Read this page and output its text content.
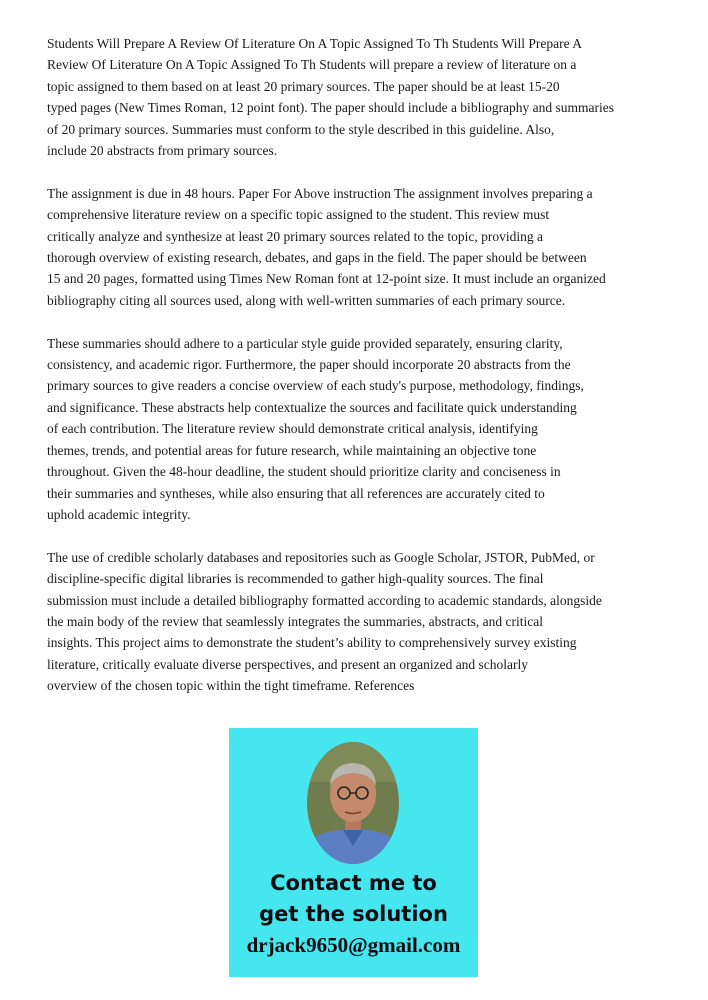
Students Will Prepare A Review Of Literature On A Topic Assigned To Th Students Will Prepare A
Review Of Literature On A Topic Assigned To Th Students will prepare a review of literature on a
topic assigned to them based on at least 20 primary sources. The paper should be at least 15-20
typed pages (New Times Roman, 12 point font). The paper should include a bibliography and summaries
of 20 primary sources. Summaries must conform to the style described in this guideline. Also,
include 20 abstracts from primary sources.

The assignment is due in 48 hours. Paper For Above instruction The assignment involves preparing a
comprehensive literature review on a specific topic assigned to the student. This review must
critically analyze and synthesize at least 20 primary sources related to the topic, providing a
thorough overview of existing research, debates, and gaps in the field. The paper should be between
15 and 20 pages, formatted using Times New Roman font at 12-point size. It must include an organized
bibliography citing all sources used, along with well-written summaries of each primary source.

These summaries should adhere to a particular style guide provided separately, ensuring clarity,
consistency, and academic rigor. Furthermore, the paper should incorporate 20 abstracts from the
primary sources to give readers a concise overview of each study's purpose, methodology, findings,
and significance. These abstracts help contextualize the sources and facilitate quick understanding
of each contribution. The literature review should demonstrate critical analysis, identifying
themes, trends, and potential areas for future research, while maintaining an objective tone
throughout. Given the 48-hour deadline, the student should prioritize clarity and conciseness in
their summaries and syntheses, while also ensuring that all references are accurately cited to
uphold academic integrity.

The use of credible scholarly databases and repositories such as Google Scholar, JSTOR, PubMed, or
discipline-specific digital libraries is recommended to gather high-quality sources. The final
submission must include a detailed bibliography formatted according to academic standards, alongside
the main body of the review that seamlessly integrates the summaries, abstracts, and critical
insights. This project aims to demonstrate the student’s ability to comprehensively survey existing
literature, critically evaluate diverse perspectives, and present an organized and scholarly
overview of the chosen topic within the tight timeframe. References

Contact me to
get the solution
drjack9650@gmail.com
